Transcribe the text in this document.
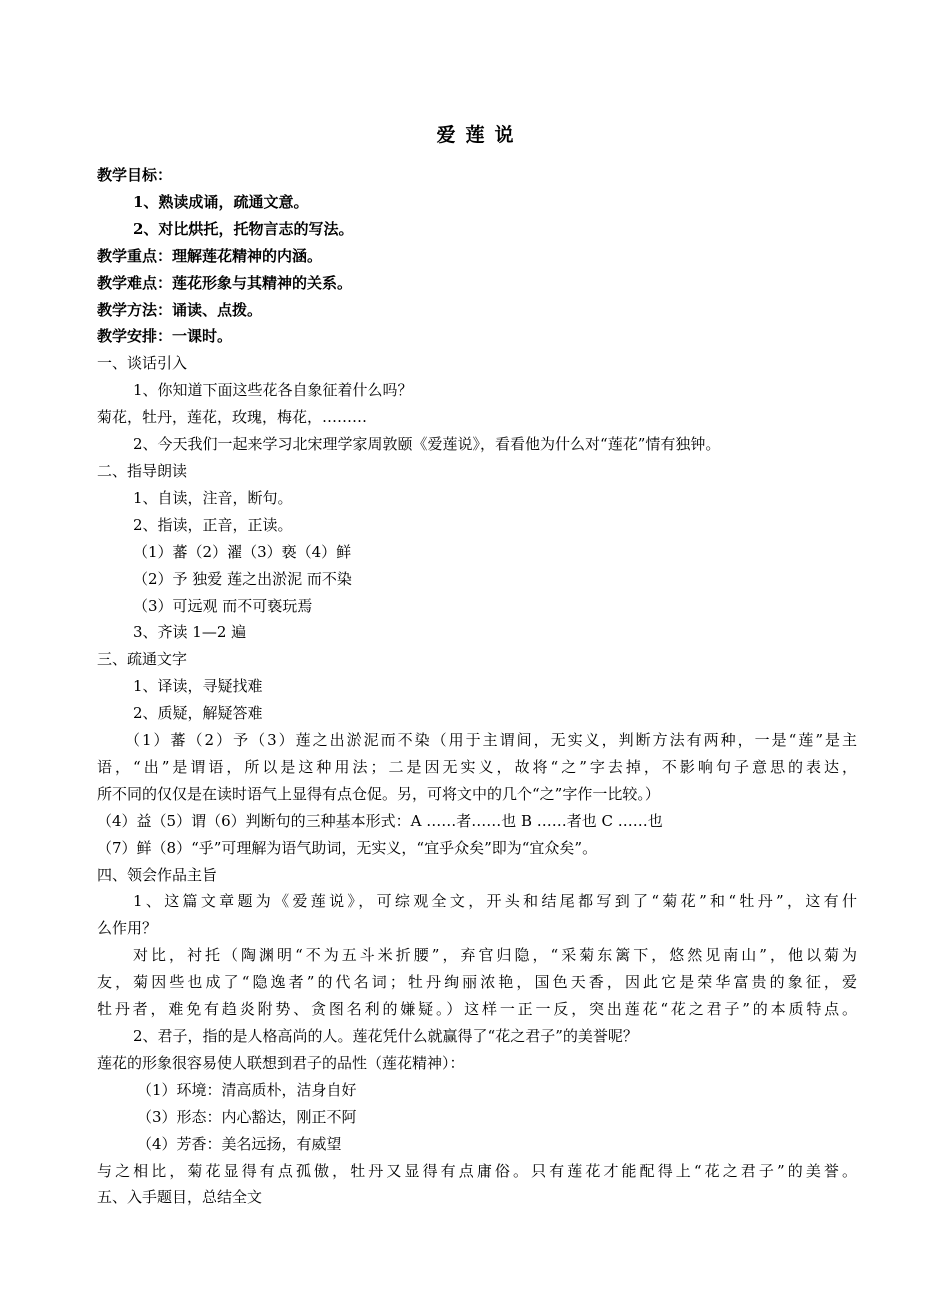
爱莲说
教学目标：
1、熟读成诵，疏通文意。
2、对比烘托，托物言志的写法。
教学重点：理解莲花精神的内涵。
教学难点：莲花形象与其精神的关系。
教学方法：诵读、点拨。
教学安排：一课时。
一、谈话引入
1、你知道下面这些花各自象征着什么吗？
菊花，牡丹，莲花，玫瑰，梅花，………
2、今天我们一起来学习北宋理学家周敦颐《爱莲说》，看看他为什么对“莲花”情有独钟。
二、指导朗读
1、自读，注音，断句。
2、指读，正音，正读。
（1）蕃（2）濯（3）亵（4）鲜
（2）予 独爱 莲之出淤泥 而不染
（3）可远观 而不可亵玩焉
3、齐读 1—2 遍
三、疏通文字
1、译读，寻疑找难
2、质疑，解疑答难
（1）蕃（2）予（3）莲之出淤泥而不染（用于主谓间，无实义，判断方法有两种，一是“莲”是主
语，“出”是谓语，所以是这种用法；二是因无实义，故将“之”字去掉，不影响句子意思的表达，
所不同的仅仅是在读时语气上显得有点仓促。另，可将文中的几个“之”字作一比较。）
（4）益（5）谓（6）判断句的三种基本形式：A ……者……也 B ……者也 C ……也
（7）鲜（8）“乎”可理解为语气助词，无实义，“宜乎众矣”即为“宜众矣”。
四、领会作品主旨
1、这篇文章题为《爱莲说》，可综观全文，开头和结尾都写到了“菊花”和“牡丹”，这有什
么作用？
对比，衬托（陶渊明“不为五斗米折腰”，弃官归隐，“采菊东篱下，悠然见南山”，他以菊为
友，菊因些也成了“隐逸者”的代名词；牡丹绚丽浓艳，国色天香，因此它是荣华富贵的象征，爱
牡丹者，难免有趋炎附势、贪图名利的嫌疑。）这样一正一反，突出莲花“花之君子”的本质特点。
2、君子，指的是人格高尚的人。莲花凭什么就赢得了“花之君子”的美誉呢？
莲花的形象很容易使人联想到君子的品性（莲花精神）：
（1）环境：清高质朴，洁身自好
（3）形态：内心豁达，刚正不阿
（4）芳香：美名远扬，有威望
与之相比，菊花显得有点孤傲，牡丹又显得有点庸俗。只有莲花才能配得上“花之君子”的美誉。
五、入手题目，总结全文
